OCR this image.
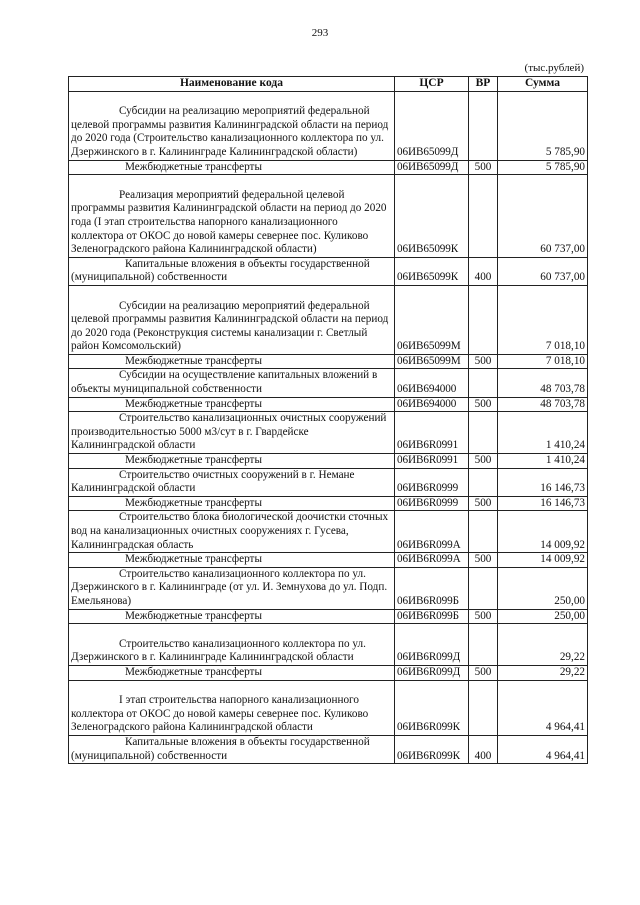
293
(тыс.рублей)
Наименование кода	ЦСР	ВР	Сумма

Субсидии на реализацию мероприятий федеральной целевой программы развития Калининградской области на период до 2020 года (Строительство канализационного коллектора по ул. Дзержинского в г. Калининграде Калининградской области)	06ИВ65099Д		5 785,90

Межбюджетные трансферты	06ИВ65099Д	500	5 785,90

Реализация мероприятий федеральной целевой программы развития Калининградской области на период до 2020 года (I этап строительства напорного канализационного коллектора от ОКОС до новой камеры севернее пос. Куликово Зеленоградского района Калининградской области)	06ИВ65099К		60 737,00

Капитальные вложения в объекты государственной (муниципальной) собственности	06ИВ65099К	400	60 737,00

Субсидии на реализацию мероприятий федеральной целевой программы развития Калининградской области на период до 2020 года (Реконструкция системы канализации г. Светлый район Комсомольский)	06ИВ65099М		7 018,10

Межбюджетные трансферты	06ИВ65099М	500	7 018,10

Субсидии на осуществление капитальных вложений в объекты муниципальной собственности	06ИВ694000		48 703,78

Межбюджетные трансферты	06ИВ694000	500	48 703,78

Строительство канализационных очистных сооружений производительностью 5000 м3/сут в г. Гвардейске Калининградской области	06ИВ6R0991		1 410,24

Межбюджетные трансферты	06ИВ6R0991	500	1 410,24

Строительство очистных сооружений в г. Немане Калининградской области	06ИВ6R0999		16 146,73

Межбюджетные трансферты	06ИВ6R0999	500	16 146,73

Строительство блока биологической доочистки сточных вод на канализационных очистных сооружениях г. Гусева, Калининградская область	06ИВ6R099А		14 009,92

Межбюджетные трансферты	06ИВ6R099А	500	14 009,92

Строительство канализационного коллектора по ул. Дзержинского в г. Калининграде (от ул. И. Земнухова до ул. Подп. Емельянова)	06ИВ6R099Б		250,00

Межбюджетные трансферты	06ИВ6R099Б	500	250,00

Строительство канализационного коллектора по ул. Дзержинского в г. Калининграде Калининградской области	06ИВ6R099Д		29,22

Межбюджетные трансферты	06ИВ6R099Д	500	29,22

I этап строительства напорного канализационного коллектора от ОКОС до новой камеры севернее пос. Куликово Зеленоградского района Калининградской области	06ИВ6R099К		4 964,41

Капитальные вложения в объекты государственной (муниципальной) собственности	06ИВ6R099К	400	4 964,41
